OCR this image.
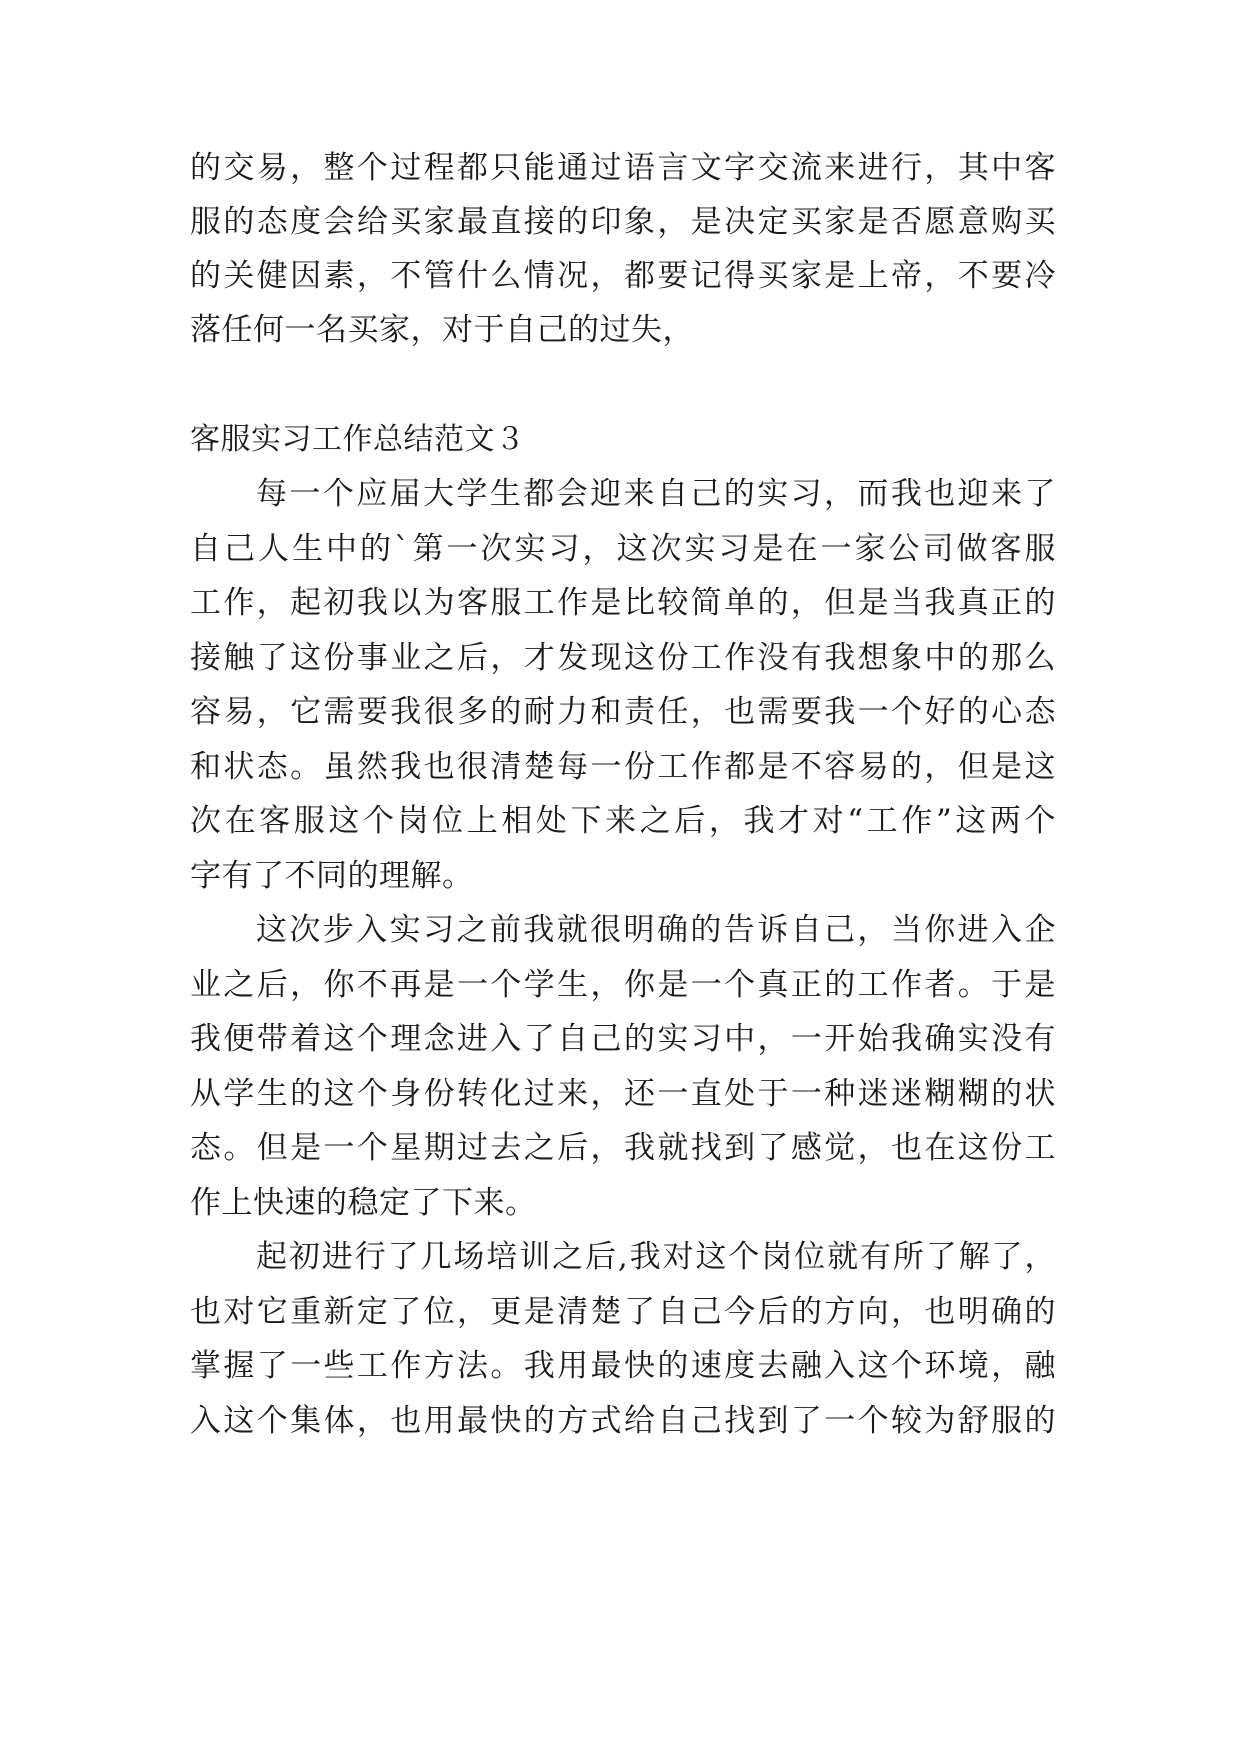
的交易，整个过程都只能通过语言文字交流来进行，其中客
服的态度会给买家最直接的印象，是决定买家是否愿意购买
的关健因素，不管什么情况，都要记得买家是上帝，不要冷
落任何一名买家，对于自己的过失，
客服实习工作总结范文３
每一个应届大学生都会迎来自己的实习，而我也迎来了
自己人生中的`第一次实习，这次实习是在一家公司做客服
工作，起初我以为客服工作是比较简单的，但是当我真正的
接触了这份事业之后，才发现这份工作没有我想象中的那么
容易，它需要我很多的耐力和责任，也需要我一个好的心态
和状态。虽然我也很清楚每一份工作都是不容易的，但是这
次在客服这个岗位上相处下来之后，我才对“工作”这两个
字有了不同的理解。
这次步入实习之前我就很明确的告诉自己，当你进入企
业之后，你不再是一个学生，你是一个真正的工作者。于是
我便带着这个理念进入了自己的实习中，一开始我确实没有
从学生的这个身份转化过来，还一直处于一种迷迷糊糊的状
态。但是一个星期过去之后，我就找到了感觉，也在这份工
作上快速的稳定了下来。
起初进行了几场培训之后,我对这个岗位就有所了解了，
也对它重新定了位，更是清楚了自己今后的方向，也明确的
掌握了一些工作方法。我用最快的速度去融入这个环境，融
入这个集体，也用最快的方式给自己找到了一个较为舒服的
